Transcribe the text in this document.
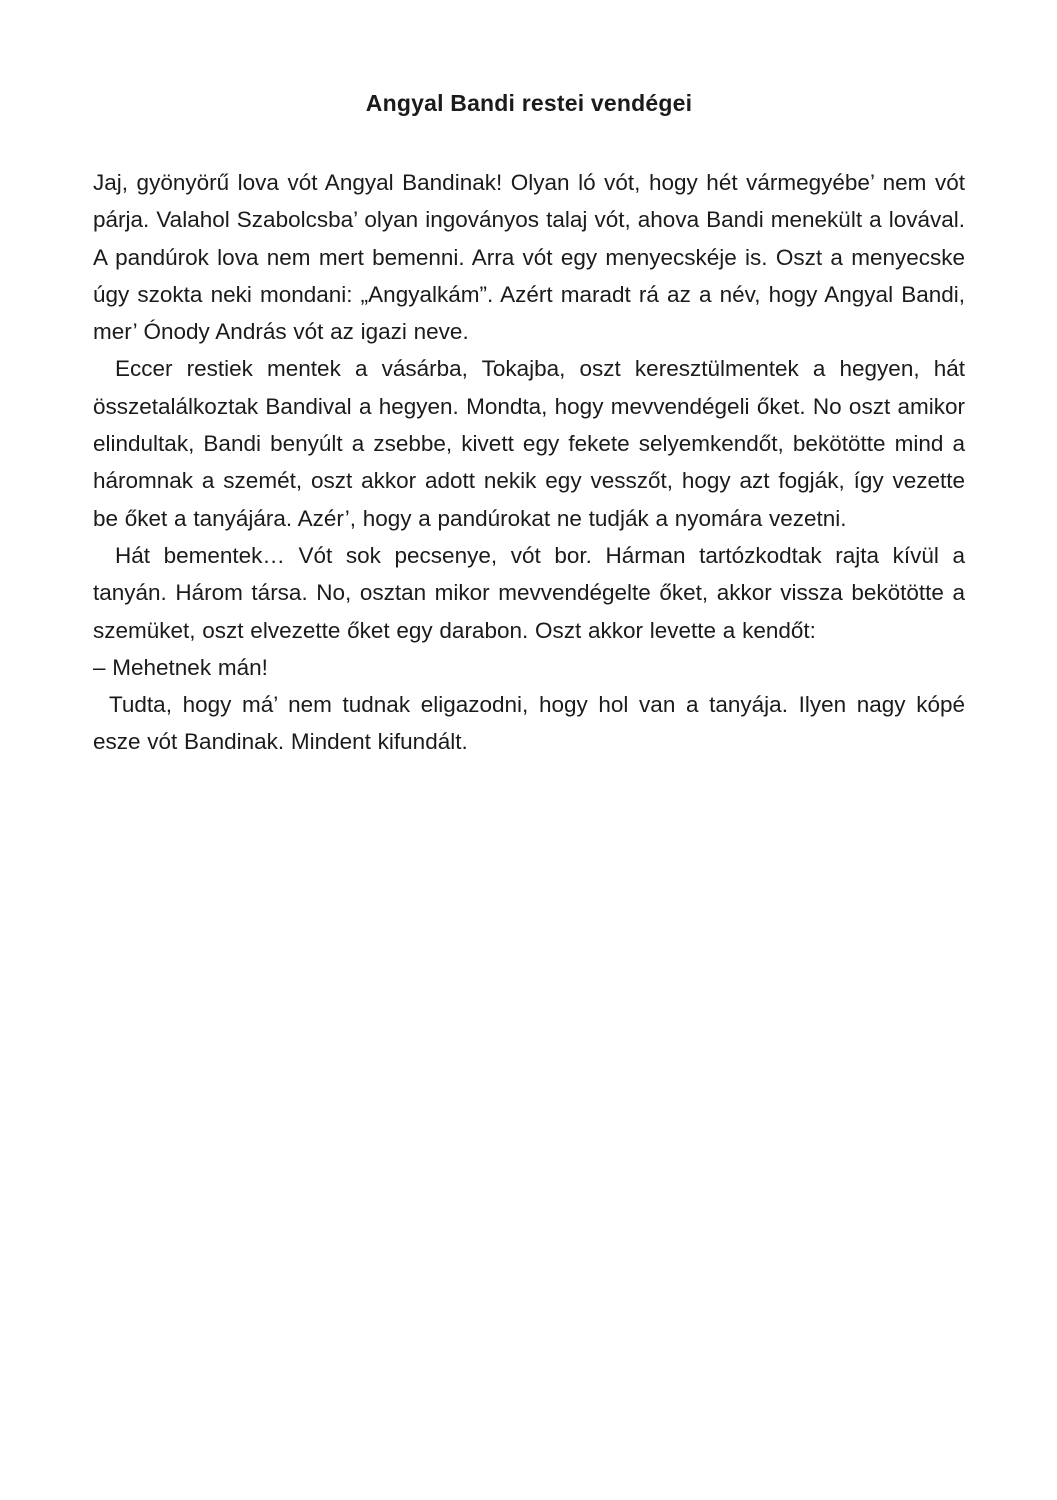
Angyal Bandi restei vendégei

Jaj, gyönyörű lova vót Angyal Bandinak! Olyan ló vót, hogy hét vármegyébe’ nem vót párja. Valahol Szabolcsba’ olyan ingoványos talaj vót, ahova Bandi menekült a lovával. A pandúrok lova nem mert bemenni. Arra vót egy menyecskéje is. Oszt a menyecske úgy szokta neki mondani: „Angyalkám”. Azért maradt rá az a név, hogy Angyal Bandi, mer’ Ónody András vót az igazi neve.

Eccer restiek mentek a vásárba, Tokajba, oszt keresztülmentek a hegyen, hát összetalálkoztak Bandival a hegyen. Mondta, hogy mevvendégeli őket. No oszt amikor elindultak, Bandi benyúlt a zsebbe, kivett egy fekete selyemkendőt, bekötötte mind a háromnak a szemét, oszt akkor adott nekik egy vesszőt, hogy azt fogják, így vezette be őket a tanyájára. Azér’, hogy a pandúrokat ne tudják a nyomára vezetni.

Hát bementek… Vót sok pecsenye, vót bor. Hárman tartózkodtak rajta kívül a tanyán. Három társa. No, osztan mikor mevvendégelte őket, akkor vissza bekötötte a szemüket, oszt elvezette őket egy darabon. Oszt akkor levette a kendőt:

– Mehetnek mán!

Tudta, hogy má’ nem tudnak eligazodni, hogy hol van a tanyája. Ilyen nagy kópé esze vót Bandinak. Mindent kifundált.
